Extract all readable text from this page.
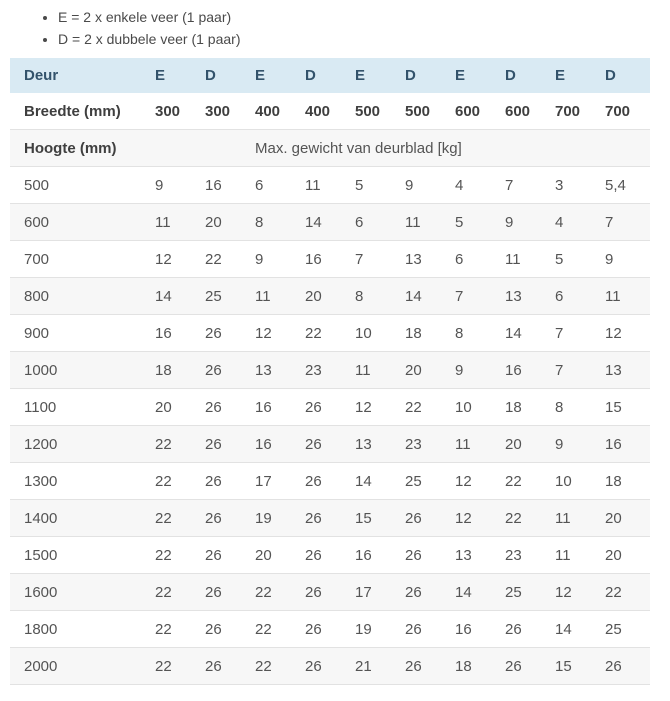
• E = 2 x enkele veer (1 paar)
• D = 2 x dubbele veer (1 paar)
Deur	E	D	E	D	E	D	E	D	E	D
Breedte (mm)	300	300	400	400	500	500	600	600	700	700
Hoogte (mm)			Max. gewicht van deurblad [kg]							
500	9	16	6	11	5	9	4	7	3	5,4
600	11	20	8	14	6	11	5	9	4	7
700	12	22	9	16	7	13	6	11	5	9
800	14	25	11	20	8	14	7	13	6	11
900	16	26	12	22	10	18	8	14	7	12
1000	18	26	13	23	11	20	9	16	7	13
1100	20	26	16	26	12	22	10	18	8	15
1200	22	26	16	26	13	23	11	20	9	16
1300	22	26	17	26	14	25	12	22	10	18
1400	22	26	19	26	15	26	12	22	11	20
1500	22	26	20	26	16	26	13	23	11	20
1600	22	26	22	26	17	26	14	25	12	22
1800	22	26	22	26	19	26	16	26	14	25
2000	22	26	22	26	21	26	18	26	15	26
